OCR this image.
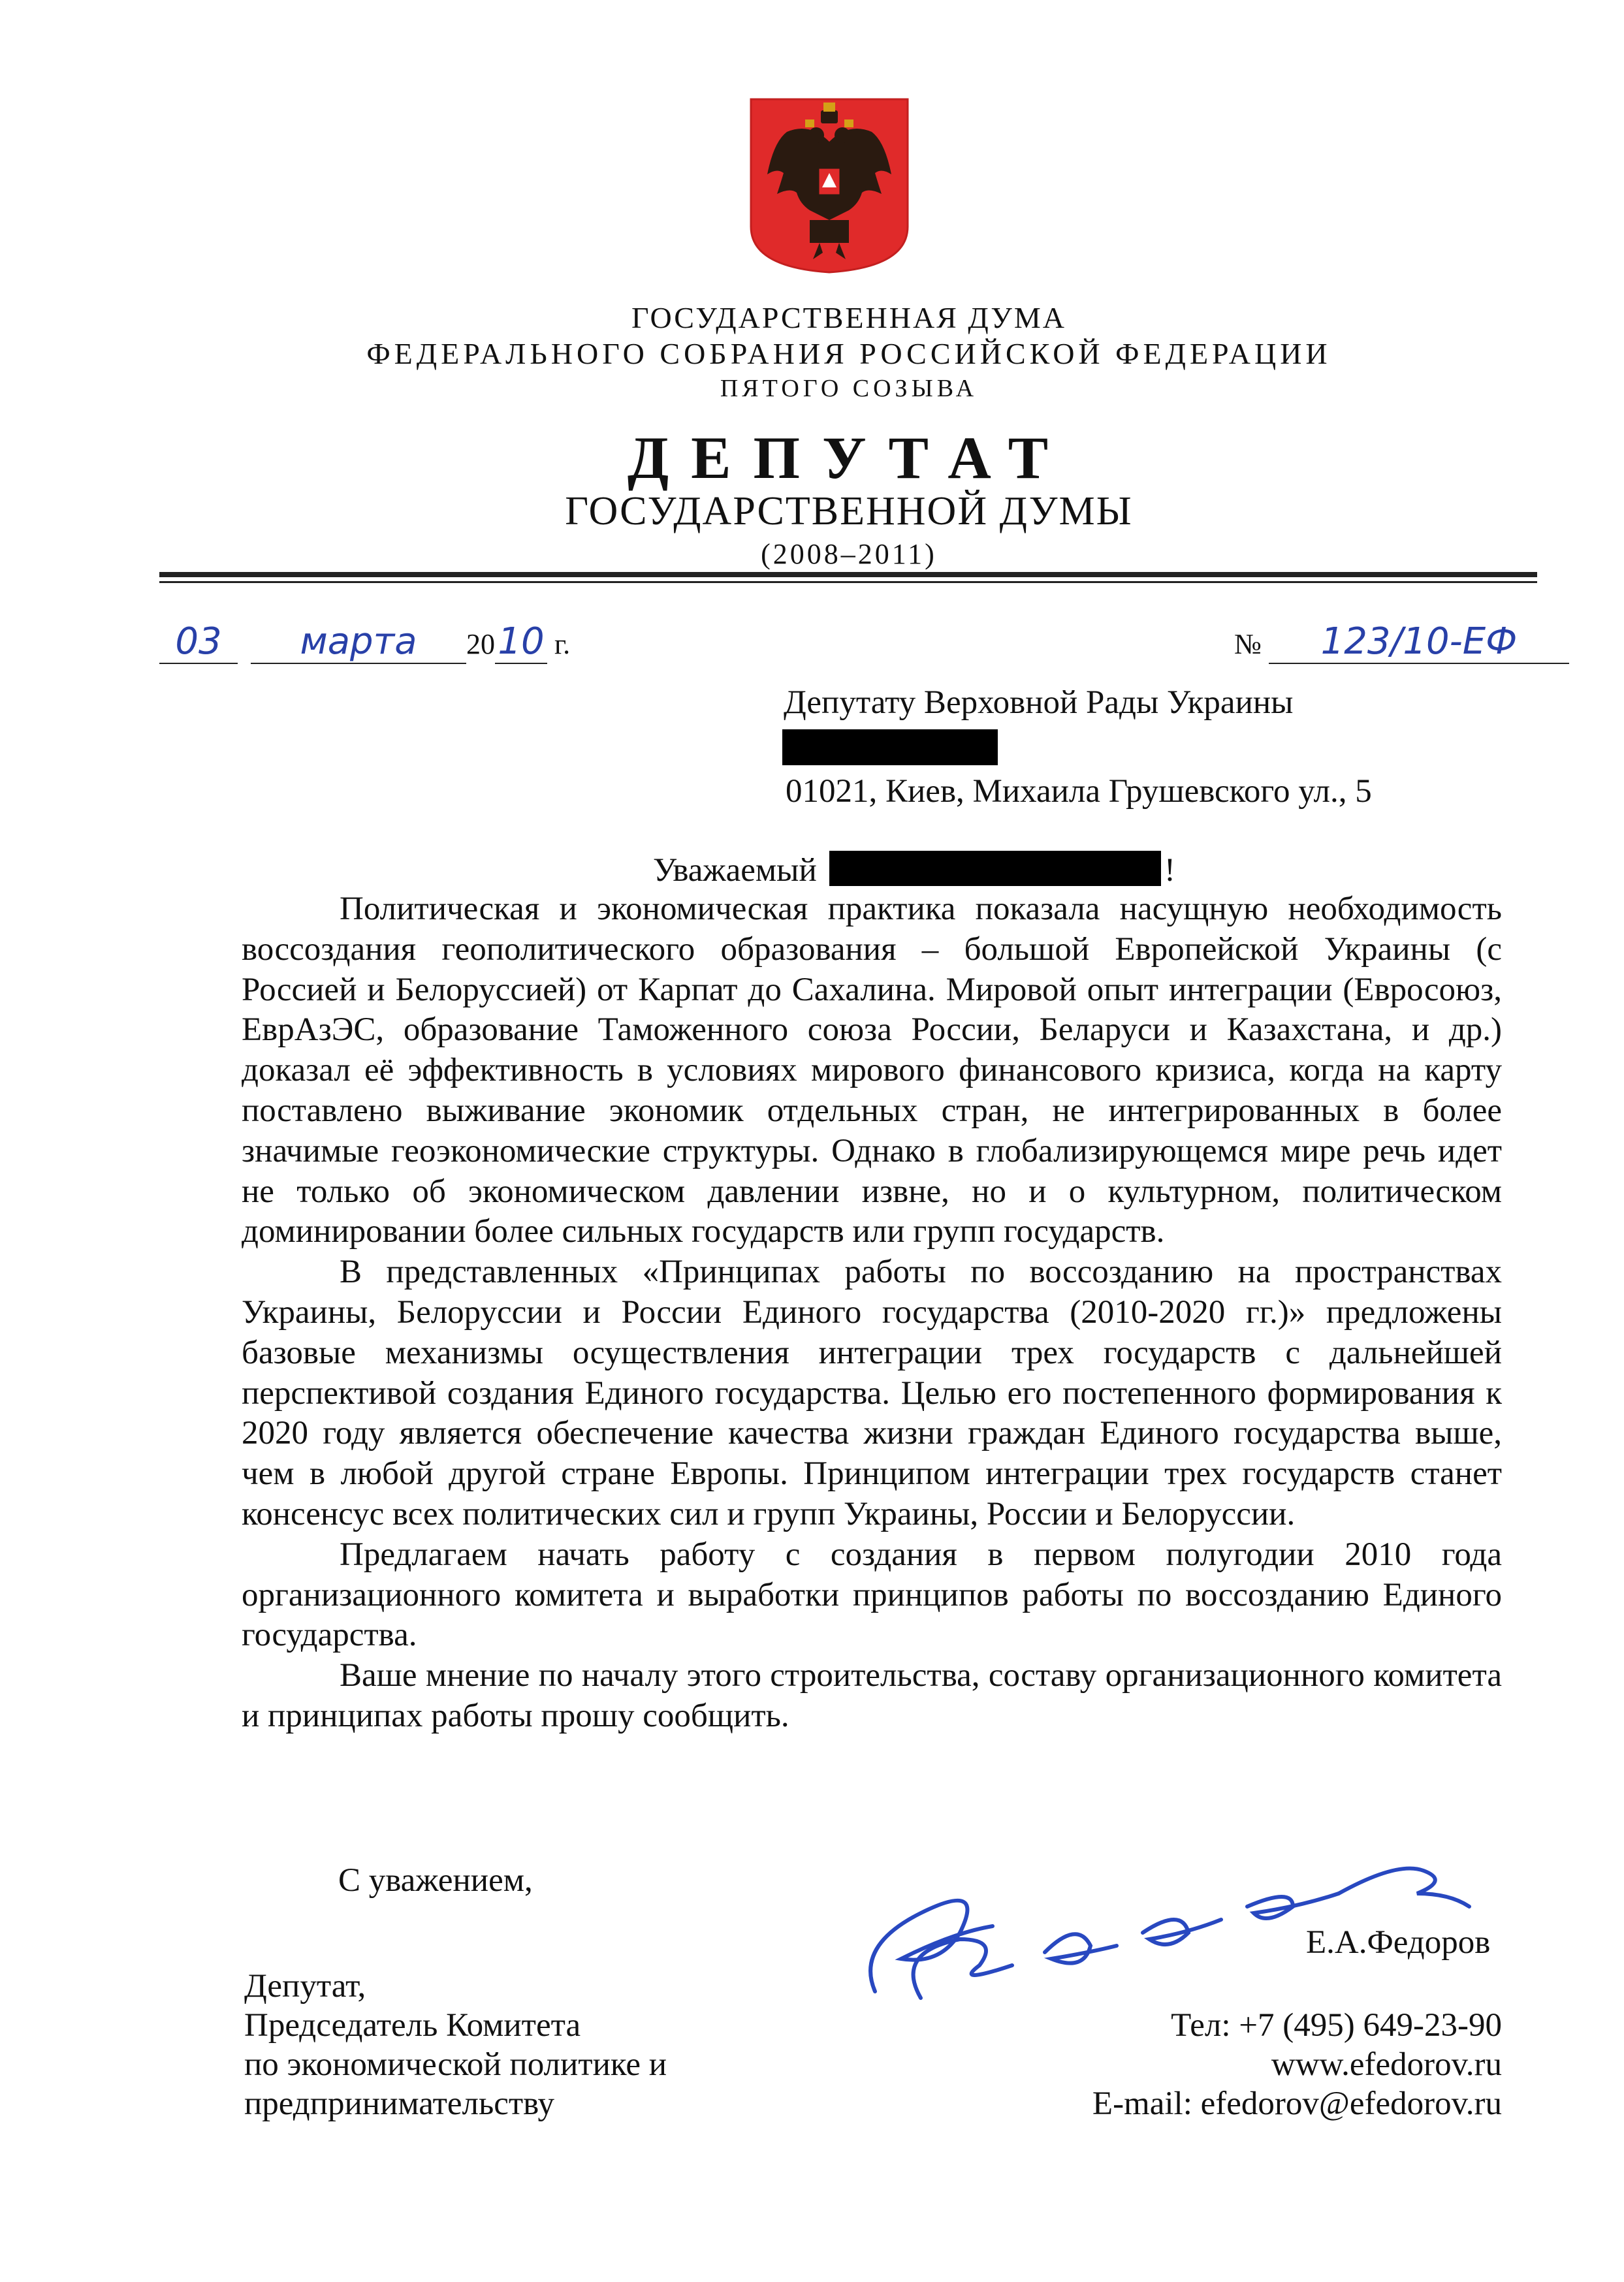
ГОСУДАРСТВЕННАЯ ДУМА
ФЕДЕРАЛЬНОГО СОБРАНИЯ РОССИЙСКОЙ ФЕДЕРАЦИИ
ПЯТОГО СОЗЫВА
ДЕПУТАТ
ГОСУДАРСТВЕННОЙ ДУМЫ
(2008–2011)
03 марта 2010 г.	№ 123/10-ЕФ
Депутату Верховной Рады Украины
01021, Киев, Михаила Грушевского ул., 5
Уважаемый	!

Политическая и экономическая практика показала насущную необходимость воссоздания геополитического образования – большой Европейской Украины (с Россией и Белоруссией) от Карпат до Сахалина. Мировой опыт интеграции (Евросоюз, ЕврАзЭС, образование Таможенного союза России, Беларуси и Казахстана, и др.) доказал её эффективность в условиях мирового финансового кризиса, когда на карту поставлено выживание экономик отдельных стран, не интегрированных в более значимые геоэкономические структуры. Однако в глобализирующемся мире речь идет не только об экономическом давлении извне, но и о культурном, политическом доминировании более сильных государств или групп государств.

В представленных «Принципах работы по воссозданию на пространствах Украины, Белоруссии и России Единого государства (2010-2020 гг.)» предложены базовые механизмы осуществления интеграции трех государств с дальнейшей перспективой создания Единого государства. Целью его постепенного формирования к 2020 году является обеспечение качества жизни граждан Единого государства выше, чем в любой другой стране Европы. Принципом интеграции трех государств станет консенсус всех политических сил и групп Украины, России и Белоруссии.

Предлагаем начать работу с создания в первом полугодии 2010 года организационного комитета и выработки принципов работы по воссозданию Единого государства.

Ваше мнение по началу этого строительства, составу организационного комитета и принципах работы прошу сообщить.

С уважением,
Е.А.Федоров
Депутат,
Председатель Комитета
по экономической политике и
предпринимательству
Тел: +7 (495) 649-23-90
www.efedorov.ru
E-mail: efedorov@efedorov.ru
